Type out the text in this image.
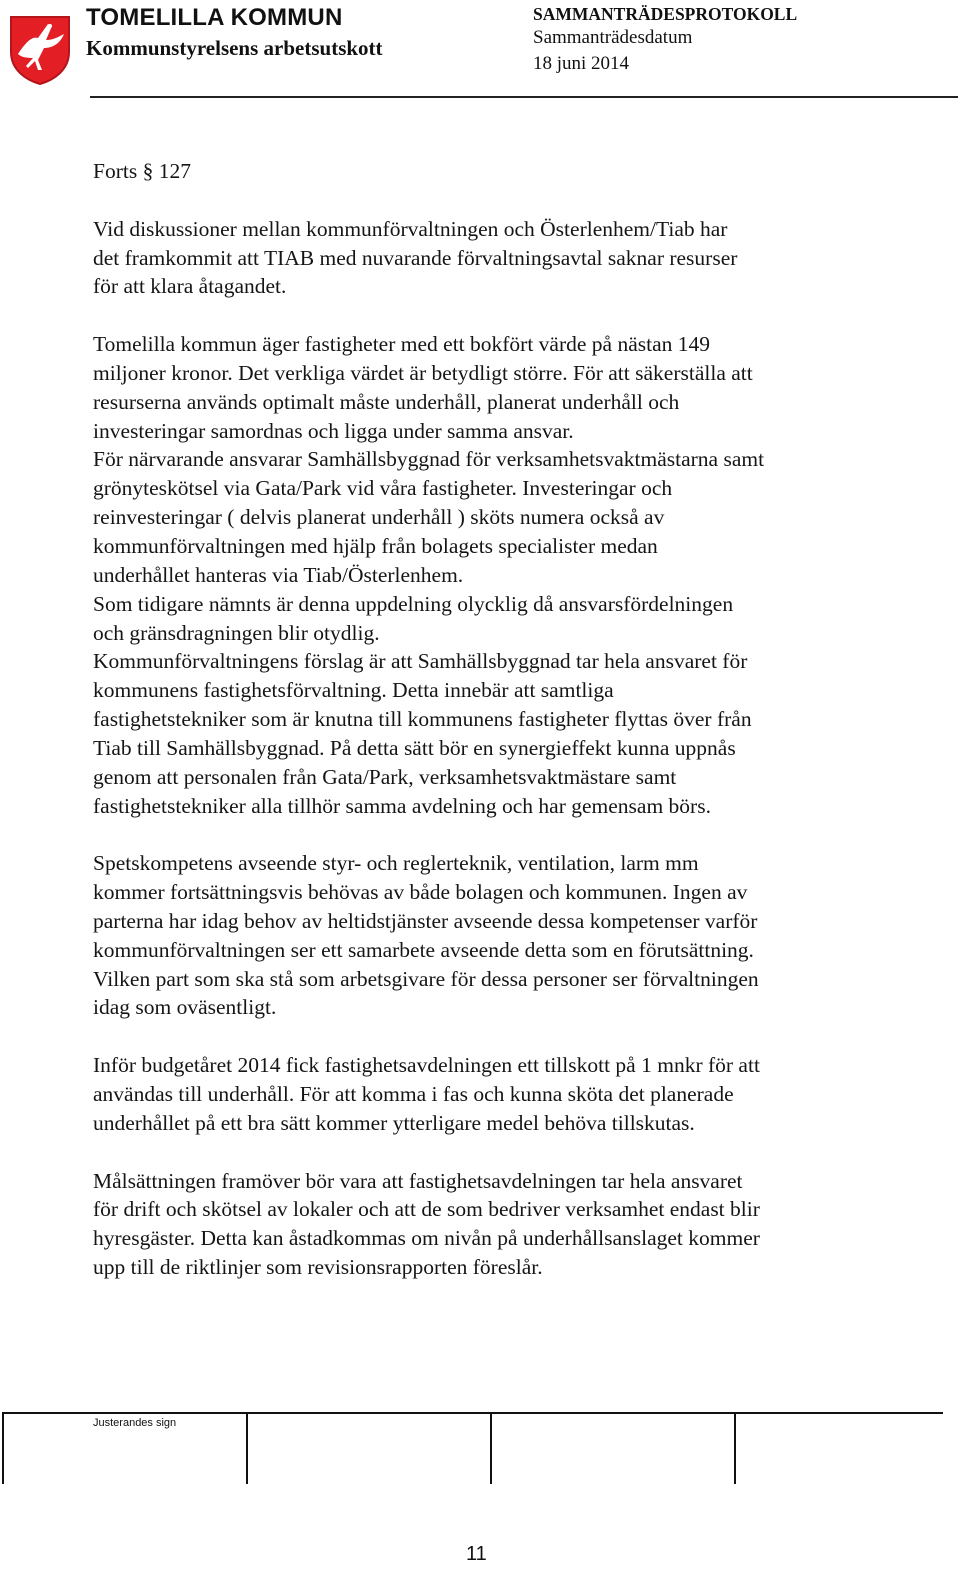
TOMELILLA KOMMUN
Kommunstyrelsens arbetsutskott
SAMMANTRÄDESPROTOKOLL
Sammanträdesdatum
18 juni 2014

Forts § 127

Vid diskussioner mellan kommunförvaltningen och Österlenhem/Tiab har
det framkommit att TIAB med nuvarande förvaltningsavtal saknar resurser
för att klara åtagandet.

Tomelilla kommun äger fastigheter med ett bokfört värde på nästan 149
miljoner kronor. Det verkliga värdet är betydligt större. För att säkerställa att
resurserna används optimalt måste underhåll, planerat underhåll och
investeringar samordnas och ligga under samma ansvar.
För närvarande ansvarar Samhällsbyggnad för verksamhetsvaktmästarna samt
grönyteskötsel via Gata/Park vid våra fastigheter. Investeringar och
reinvesteringar ( delvis planerat underhåll ) sköts numera också av
kommunförvaltningen med hjälp från bolagets specialister medan
underhållet hanteras via Tiab/Österlenhem.
Som tidigare nämnts är denna uppdelning olycklig då ansvarsfördelningen
och gränsdragningen blir otydlig.
Kommunförvaltningens förslag är att Samhällsbyggnad tar hela ansvaret för
kommunens fastighetsförvaltning. Detta innebär att samtliga
fastighetstekniker som är knutna till kommunens fastigheter flyttas över från
Tiab till Samhällsbyggnad. På detta sätt bör en synergieffekt kunna uppnås
genom att personalen från Gata/Park, verksamhetsvaktmästare samt
fastighetstekniker alla tillhör samma avdelning och har gemensam börs.

Spetskompetens avseende styr- och reglerteknik, ventilation, larm mm
kommer fortsättningsvis behövas av både bolagen och kommunen. Ingen av
parterna har idag behov av heltidstjänster avseende dessa kompetenser varför
kommunförvaltningen ser ett samarbete avseende detta som en förutsättning.
Vilken part som ska stå som arbetsgivare för dessa personer ser förvaltningen
idag som oväsentligt.

Inför budgetåret 2014 fick fastighetsavdelningen ett tillskott på 1 mnkr för att
användas till underhåll. För att komma i fas och kunna sköta det planerade
underhållet på ett bra sätt kommer ytterligare medel behöva tillskutas.

Målsättningen framöver bör vara att fastighetsavdelningen tar hela ansvaret
för drift och skötsel av lokaler och att de som bedriver verksamhet endast blir
hyresgäster. Detta kan åstadkommas om nivån på underhållsanslaget kommer
upp till de riktlinjer som revisionsrapporten föreslår.

Justerandes sign
11
